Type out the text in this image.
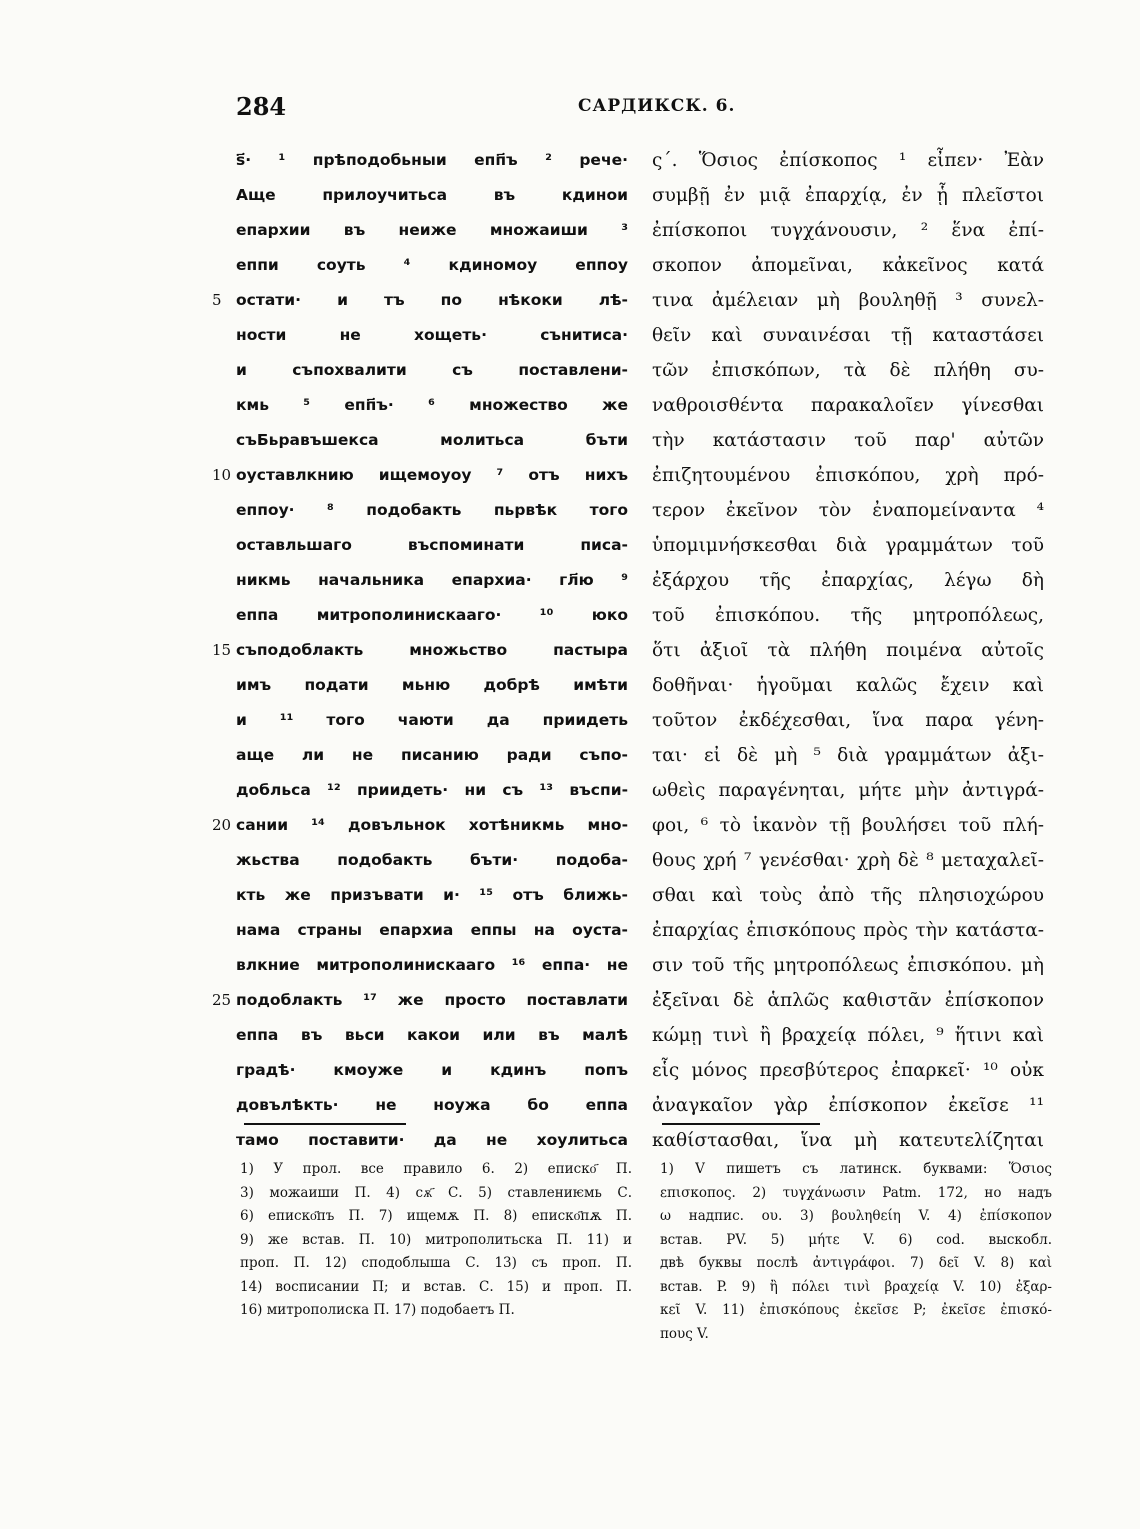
284	САРДИКСК. 6.
ѕ҃· ¹ прѣподобьныи епп҃ъ ² рече·
Аще прилоучитьса въ кдинои
епархии въ неиже множаиши ³
еппи соуть ⁴ кдиномоу еппоу
5 остати· и тъ по нѣкоки лѣ-
ности не хощеть· сънитиса·
и съпохвалити съ поставлени-
кмь ⁵ епп҃ъ· ⁶ множество же
съБьравъшекса молитьса бъти
10 оуставлкнию ищемоуоу ⁷ отъ нихъ
еппоу· ⁸ подобакть пьрвѣк того
оставльшаго въспоминати писа-
никмь начальника епархиа· гл҃ю ⁹
еппа митрополинискааго· ¹⁰ юко
15 съподоблакть множьство пастыра
имъ подати мьню добрѣ имѣти
и ¹¹ того чаюти да приидеть
аще ли не писанию ради съпо-
добльса ¹² приидеть· ни съ ¹³ въспи-
20 сании ¹⁴ довъльнок хотѣникмь мно-
жьства подобакть бъти· подоба-
кть же призъвати и· ¹⁵ отъ ближь-
нама страны епархиа еппы на оуста-
влкние митрополинискааго ¹⁶ еппа· не
25 подоблакть ¹⁷ же просто поставлати
еппа въ вьси какои или въ малѣ
градѣ· кмоуже и кдинъ попъ
довълѣкть· не ноужа бо еппа
тамо поставити· да не хоулитьса
ς΄. Ὅσιος ἐπίσκοπος ¹ εἶπεν· Ἐὰν
συμβῇ ἐν μιᾷ ἐπαρχίᾳ, ἐν ᾗ πλεῖστοι
ἐπίσκοποι τυγχάνουσιν, ² ἕνα ἐπί-
σκοπον ἀπομεῖναι, κἀκεῖνος κατά
τινα ἀμέλειαν μὴ βουληθῇ ³ συνελ-
θεῖν καὶ συναινέσαι τῇ καταστάσει
τῶν ἐπισκόπων, τὰ δὲ πλήθη συ-
ναθροισθέντα παρακαλοῖεν γίνεσθαι
τὴν κατάστασιν τοῦ παρ' αὐτῶν
ἐπιζητουμένου ἐπισκόπου, χρὴ πρό-
τερον ἐκεῖνον τὸν ἐναπομείναντα ⁴
ὑπομιμνήσκεσθαι διὰ γραμμάτων τοῦ
ἐξάρχου τῆς ἐπαρχίας, λέγω δὴ
τοῦ ἐπισκόπου. τῆς μητροπόλεως,
ὅτι ἀξιοῖ τὰ πλήθη ποιμένα αὐτοῖς
δοθῆναι· ἡγοῦμαι καλῶς ἔχειν καὶ
τοῦτον ἐκδέχεσθαι, ἵνα παρα γένη-
ται· εἰ δὲ μὴ ⁵ διὰ γραμμάτων ἀξι-
ωθεὶς παραγένηται, μήτε μὴν ἀντιγρά-
φοι, ⁶ τὸ ἱκανὸν τῇ βουλήσει τοῦ πλή-
θους χρή ⁷ γενέσθαι· χρὴ δὲ ⁸ μεταχαλεῖ-
σθαι καὶ τοὺς ἀπὸ τῆς πλησιοχώρου
ἐπαρχίας ἐπισκόπους πρὸς τὴν κατάστα-
σιν τοῦ τῆς μητροπόλεως ἐπισκόπου. μὴ
ἐξεῖναι δὲ ἁπλῶς καθιστᾶν ἐπίσκοπον
κώμῃ τινὶ ἢ βραχείᾳ πόλει, ⁹ ἥτινι καὶ
εἷς μόνος πρεσβύτερος ἐπαρκεῖ· ¹⁰ οὐκ
ἀναγκαῖον γὰρ ἐπίσκοπον ἐκεῖσε ¹¹
καθίστασθαι, ἵνα μὴ κατευτελίζηται
1) У прол. все правило 6. 2) еписко҃ П.
3) можаиши П. 4) сѫ҃ С. 5) ставлениѥмь С.
6) еписко҃пъ П. 7) ищемѫ П. 8) еписко҃пѫ П.
9) же встав. П. 10) митрополитьска П. 11) и
проп. П. 12) сподоблыша С. 13) съ проп. П.
14) восписании П; и встав. С. 15) и проп. П.
16) митрополиска П. 17) подобаетъ П.
1) V пишетъ съ латинск. буквами: Ὅσιος
επισκοπος. 2) τυγχάνωσιν Patm. 172, но надъ
ω надпис. ου. 3) βουληθείη V. 4) ἐπίσκοπον
встав. PV. 5) μήτε V. 6) cod. выскобл.
двѣ буквы послѣ ἀντιγράφοι. 7) δεῖ V. 8) καὶ
встав. P. 9) ἢ πόλει τινὶ βραχείᾳ V. 10) ἐξαρ-
κεῖ V. 11) ἐπισκόπους ἐκεῖσε P; ἐκεῖσε ἐπισκό-
πους V.
